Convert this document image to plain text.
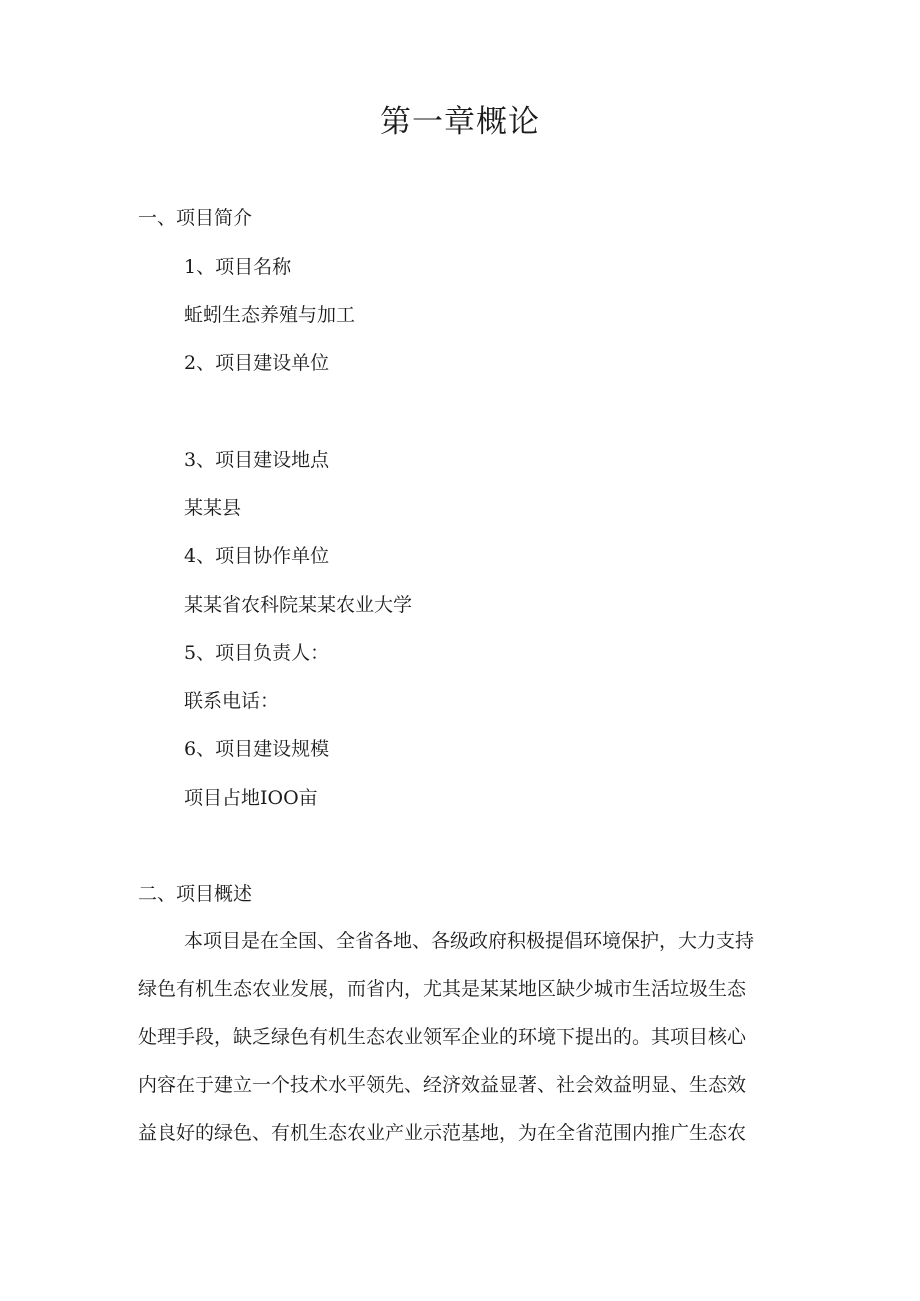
第一章概论

一、项目简介

1、项目名称

蚯蚓生态养殖与加工

2、项目建设单位

3、项目建设地点

某某县

4、项目协作单位

某某省农科院某某农业大学

5、项目负责人：

联系电话：

6、项目建设规模

项目占地IOO亩

二、项目概述

本项目是在全国、全省各地、各级政府积极提倡环境保护，大力支持
绿色有机生态农业发展，而省内，尤其是某某地区缺少城市生活垃圾生态
处理手段，缺乏绿色有机生态农业领军企业的环境下提出的。其项目核心
内容在于建立一个技术水平领先、经济效益显著、社会效益明显、生态效
益良好的绿色、有机生态农业产业示范基地，为在全省范围内推广生态农
